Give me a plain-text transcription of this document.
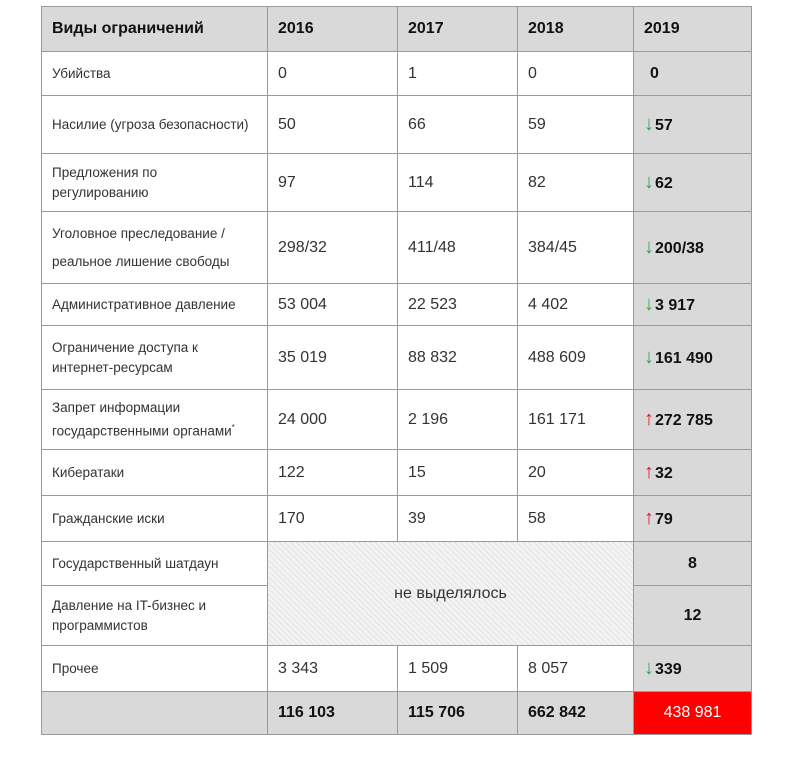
Виды ограничений	2016	2017	2018	2019
Убийства	0	1	0	0
Насилие (угроза безопасности)	50	66	59	↓57
Предложения по регулированию	97	114	82	↓62
Уголовное преследование / реальное лишение свободы	298/32	411/48	384/45	↓200/38
Административное давление	53 004	22 523	4 402	↓3 917
Ограничение доступа к интернет-ресурсам	35 019	88 832	488 609	↓161 490
Запрет информации государственными органами*	24 000	2 196	161 171	↑272 785
Кибератаки	122	15	20	↑32
Гражданские иски	170	39	58	↑79
Государственный шатдаун	не выделялось			8
Давление на IT-бизнес и программистов				12
Прочее	3 343	1 509	8 057	↓339
	116 103	115 706	662 842	438 981
